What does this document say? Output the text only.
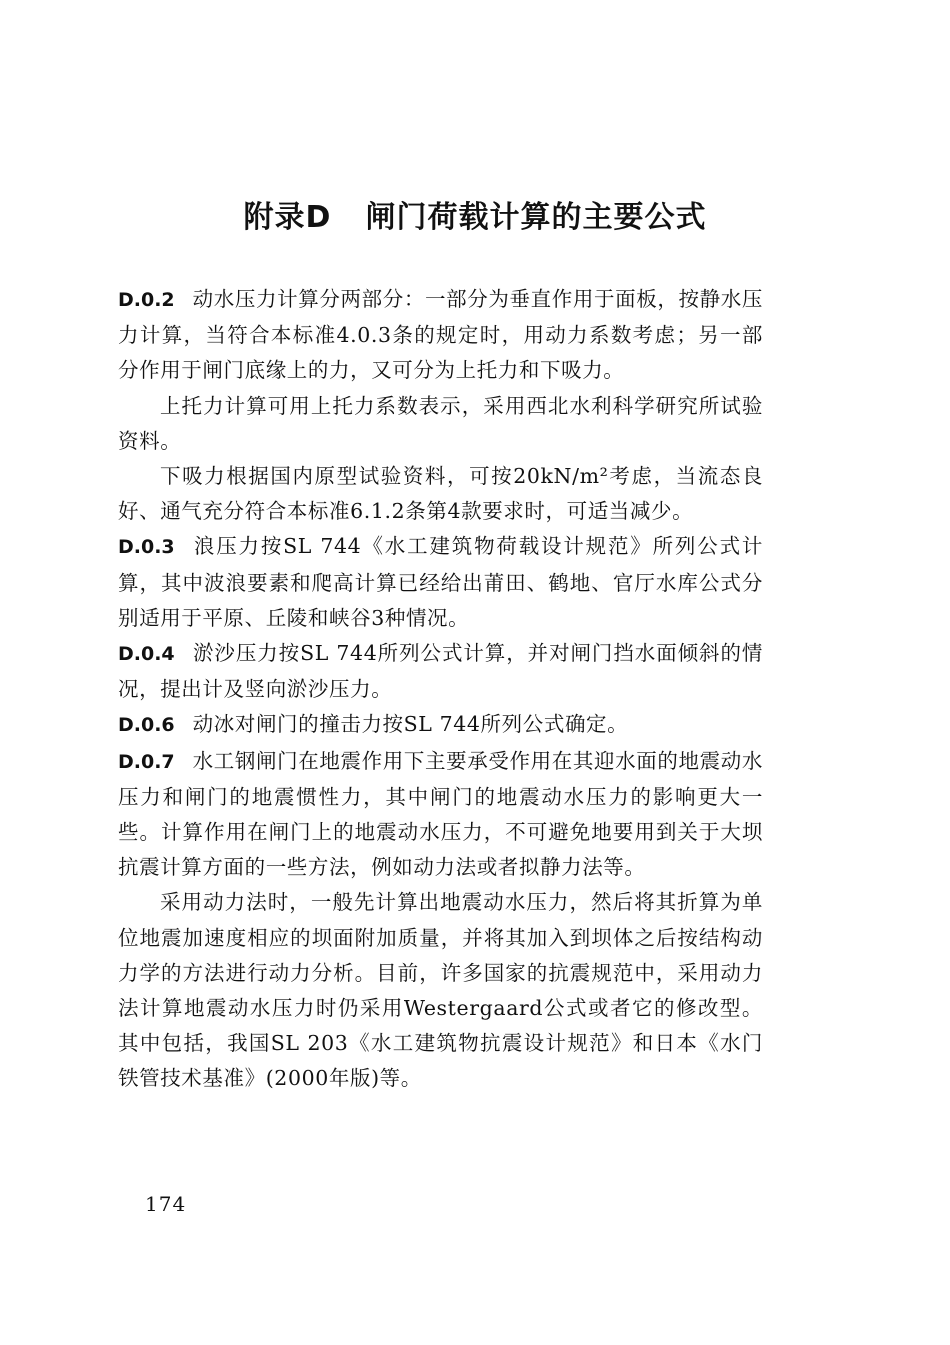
附录D 闸门荷载计算的主要公式

D.0.2 动水压力计算分两部分：一部分为垂直作用于面板，按静水压力计算，当符合本标准4.0.3条的规定时，用动力系数考虑；另一部分作用于闸门底缘上的力，又可分为上托力和下吸力。

上托力计算可用上托力系数表示，采用西北水利科学研究所试验资料。

下吸力根据国内原型试验资料，可按20kN/m²考虑，当流态良好、通气充分符合本标准6.1.2条第4款要求时，可适当减少。

D.0.3 浪压力按SL 744《水工建筑物荷载设计规范》所列公式计算，其中波浪要素和爬高计算已经给出莆田、鹤地、官厅水库公式分别适用于平原、丘陵和峡谷3种情况。

D.0.4 淤沙压力按SL 744所列公式计算，并对闸门挡水面倾斜的情况，提出计及竖向淤沙压力。

D.0.6 动冰对闸门的撞击力按SL 744所列公式确定。

D.0.7 水工钢闸门在地震作用下主要承受作用在其迎水面的地震动水压力和闸门的地震惯性力，其中闸门的地震动水压力的影响更大一些。计算作用在闸门上的地震动水压力，不可避免地要用到关于大坝抗震计算方面的一些方法，例如动力法或者拟静力法等。

采用动力法时，一般先计算出地震动水压力，然后将其折算为单位地震加速度相应的坝面附加质量，并将其加入到坝体之后按结构动力学的方法进行动力分析。目前，许多国家的抗震规范中，采用动力法计算地震动水压力时仍采用Westergaard公式或者它的修改型。其中包括，我国SL 203《水工建筑物抗震设计规范》和日本《水门铁管技术基准》(2000年版)等。

174
